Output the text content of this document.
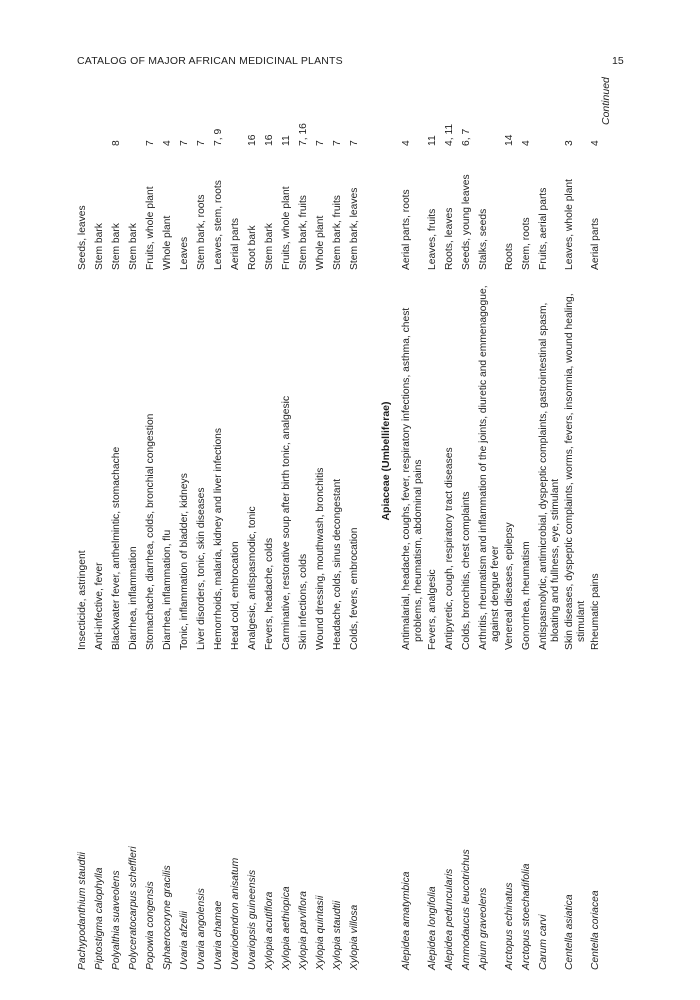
CATALOG OF MAJOR AFRICAN MEDICINAL PLANTS	15
Pachypodanthium staudtii
Insecticide, astringent
Seeds, leaves
Piptostigma calophylla
Anti-infective, fever
Stem bark
Polyalthia suaveolens
Blackwater fever, anthelmintic, stomachache
Stem bark
8
Polyceratocarpus scheffleri
Diarrhea, inflammation
Stem bark
Popowia congensis
Stomachache, diarrhea, colds, bronchial congestion
Fruits, whole plant
7
Sphaerocoryne gracilis
Diarrhea, inflammation, flu
Whole plant
4
Uvaria afzelii
Tonic, inflammation of bladder, kidneys
Leaves
7
Uvaria angolensis
Liver disorders, tonic, skin diseases
Stem bark, roots
7
Uvaria chamae
Hemorrhoids, malaria, kidney and liver infections
Leaves, stem, roots
7, 9
Uvariodendron anisatum
Head cold, embrocation
Aerial parts
Uvariopsis guineensis
Analgesic, antispasmodic, tonic
Root bark
16
Xylopia acutiflora
Fevers, headache, colds
Stem bark
16
Xylopia aethiopica
Carminative, restorative soup after birth tonic, analgesic
Fruits, whole plant
11
Xylopia parviflora
Skin infections, colds
Stem bark, fruits
7, 16
Xylopia quintasii
Wound dressing, mouthwash, bronchitis
Whole plant
7
Xylopia staudtii
Headache, colds, sinus decongestant
Stem bark, fruits
7
Xylopia villosa
Colds, fevers, embrocation
Stem bark, leaves
7
Apiaceae (Umbelliferae)
Alepidea amatymbica
Antimalarial, headache, coughs, fever, respiratory infections, asthma, chest problems, rheumatism, abdominal pains
Aerial parts, roots
4
Alepidea longifolia
Fevers, analgesic
Leaves, fruits
11
Alepidea peduncularis
Antipyretic, cough, respiratory tract diseases
Roots, leaves
4, 11
Ammodaucus leucotrichus
Colds, bronchitis, chest complaints
Seeds, young leaves
6, 7
Apium graveolens
Arthritis, rheumatism and inflammation of the joints, diuretic and emmenagogue, against dengue fever
Stalks, seeds
Arctopus echinatus
Venereal diseases, epilepsy
Roots
14
Arctopus stoechadifolia
Gonorrhea, rheumatism
Stem, roots
4
Carum carvi
Antispasmolytic, antimicrobial, dyspeptic complaints, gastrointestinal spasm, bloating and fullness, eye, stimulant
Fruits, aerial parts
Centella asiatica
Skin diseases, dyspeptic complaints, worms, fevers, insomnia, wound healing, stimulant
Leaves, whole plant
3
Centella coriacea
Rheumatic pains
Aerial parts
4
Continued
